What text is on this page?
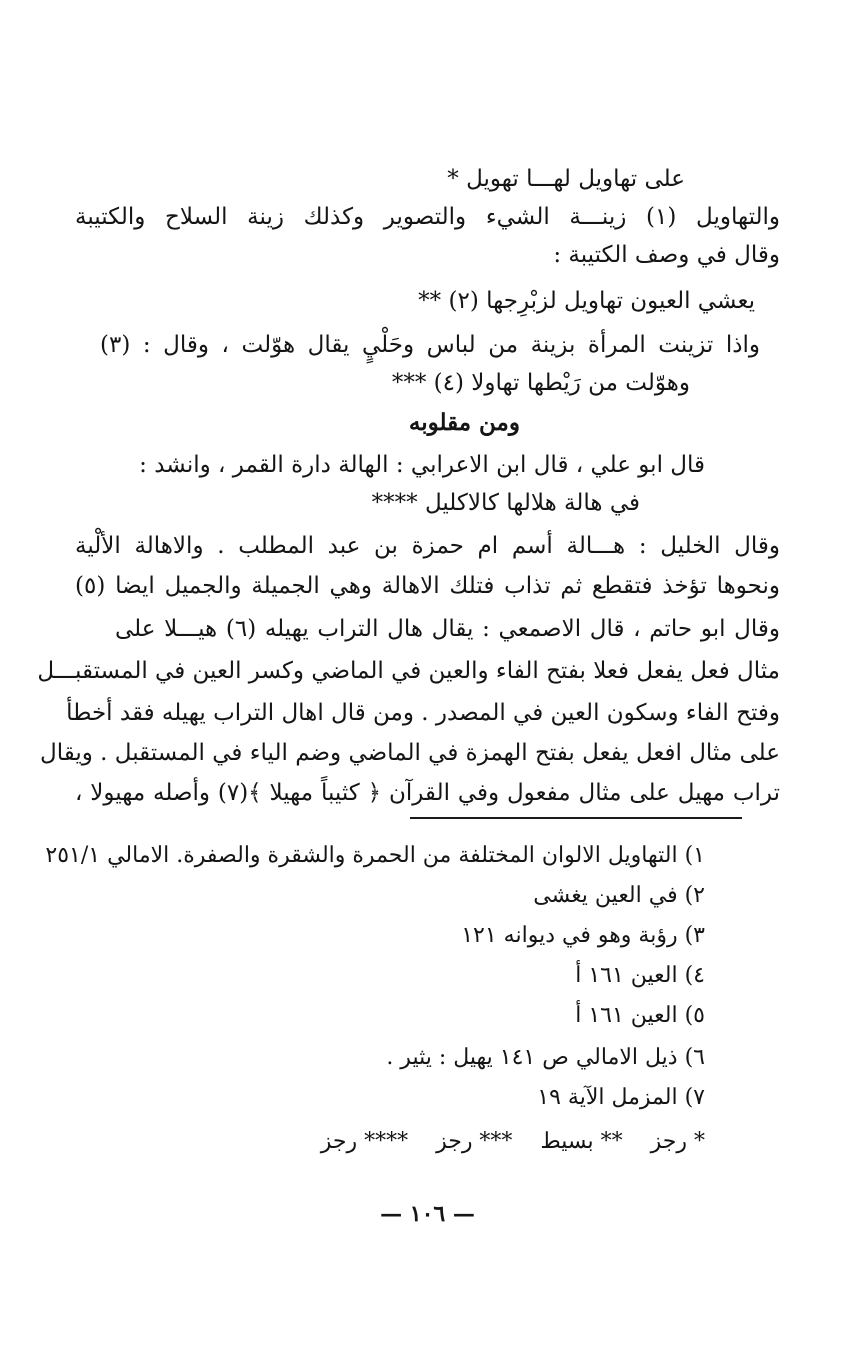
على تهاويل لهـــا تهويل *
والتهاويل (١) زينـــة الشيء والتصوير وكذلك زينة السلاح والكتيبة
وقال في وصف الكتيبة :
يعشي العيون تهاويل لزبْرِجها (٢) **
واذا تزينت المرأة بزينة من لباس وحَلْيٍ يقال هوّلت ، وقال : (٣)
وهوّلت من رَيْطها تهاولا (٤) ***
ومن مقلوبه
قال ابو علي ، قال ابن الاعرابي : الهالة دارة القمر ، وانشد :
في هالة هلالها كالاكليل ****
وقال الخليل : هـــالة أسم ام حمزة بن عبد المطلب . والاهالة الألْية
ونحوها تؤخذ فتقطع ثم تذاب فتلك الاهالة وهي الجميلة والجميل ايضا (٥)
وقال ابو حاتم ، قال الاصمعي : يقال هال التراب يهيله (٦) هيـــلا على
مثال فعل يفعل فعلا بفتح الفاء والعين في الماضي وكسر العين في المستقبـــل
وفتح الفاء وسكون العين في المصدر . ومن قال اهال التراب يهيله فقد أخطأ
على مثال افعل يفعل بفتح الهمزة في الماضي وضم الياء في المستقبل . ويقال
تراب مهيل على مثال مفعول وفي القرآن ﴿ كثيباً مهيلا ﴾(٧) وأصله مهيولا ،
١) التهاويل الالوان المختلفة من الحمرة والشقرة والصفرة. الامالي ٢٥١/١
٢) في العين يغشى
٣) رؤبة وهو في ديوانه ١٢١
٤) العين ١٦١ أ
٥) العين ١٦١ أ
٦) ذيل الامالي ص ١٤١ يهيل : يثير .
٧) المزمل الآية ١٩
* رجز    ** بسيط    *** رجز    **** رجز
— ١٠٦ —
